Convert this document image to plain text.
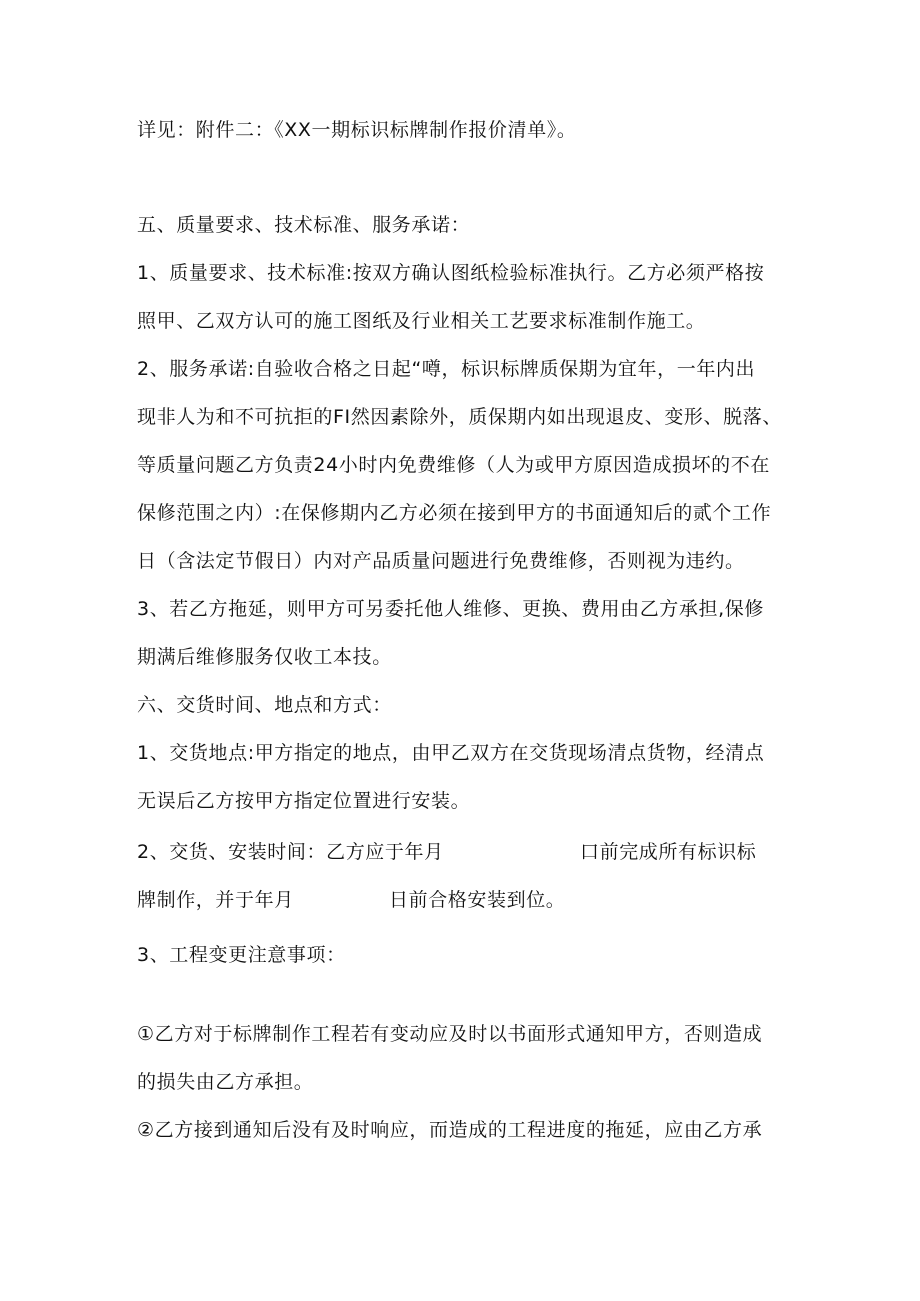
详见：附件二：《XX一期标识标牌制作报价清单》。
五、质量要求、技术标准、服务承诺：
1、质量要求、技术标准:按双方确认图纸检验标准执行。乙方必须严格按
照甲、乙双方认可的施工图纸及行业相关工艺要求标准制作施工。
2、服务承诺:自验收合格之日起“噂，标识标牌质保期为宜年，一年内出
现非人为和不可抗拒的FI然因素除外，质保期内如出现退皮、变形、脱落、
等质量问题乙方负责24小时内免费维修（人为或甲方原因造成损坏的不在
保修范围之内）:在保修期内乙方必须在接到甲方的书面通知后的贰个工作
日（含法定节假日）内对产品质量问题进行免费维修，否则视为违约。
3、若乙方拖延，则甲方可另委托他人维修、更换、费用由乙方承担,保修
期满后维修服务仅收工本技。
六、交货时间、地点和方式：
1、交货地点:甲方指定的地点，由甲乙双方在交货现场清点货物，经清点
无误后乙方按甲方指定位置进行安装。
2、交货、安装时间：乙方应于年月	口前完成所有标识标
牌制作，并于年月	日前合格安装到位。
3、工程变更注意事项：
①乙方对于标牌制作工程若有变动应及时以书面形式通知甲方，否则造成
的损失由乙方承担。
②乙方接到通知后没有及时响应，而造成的工程进度的拖延，应由乙方承
